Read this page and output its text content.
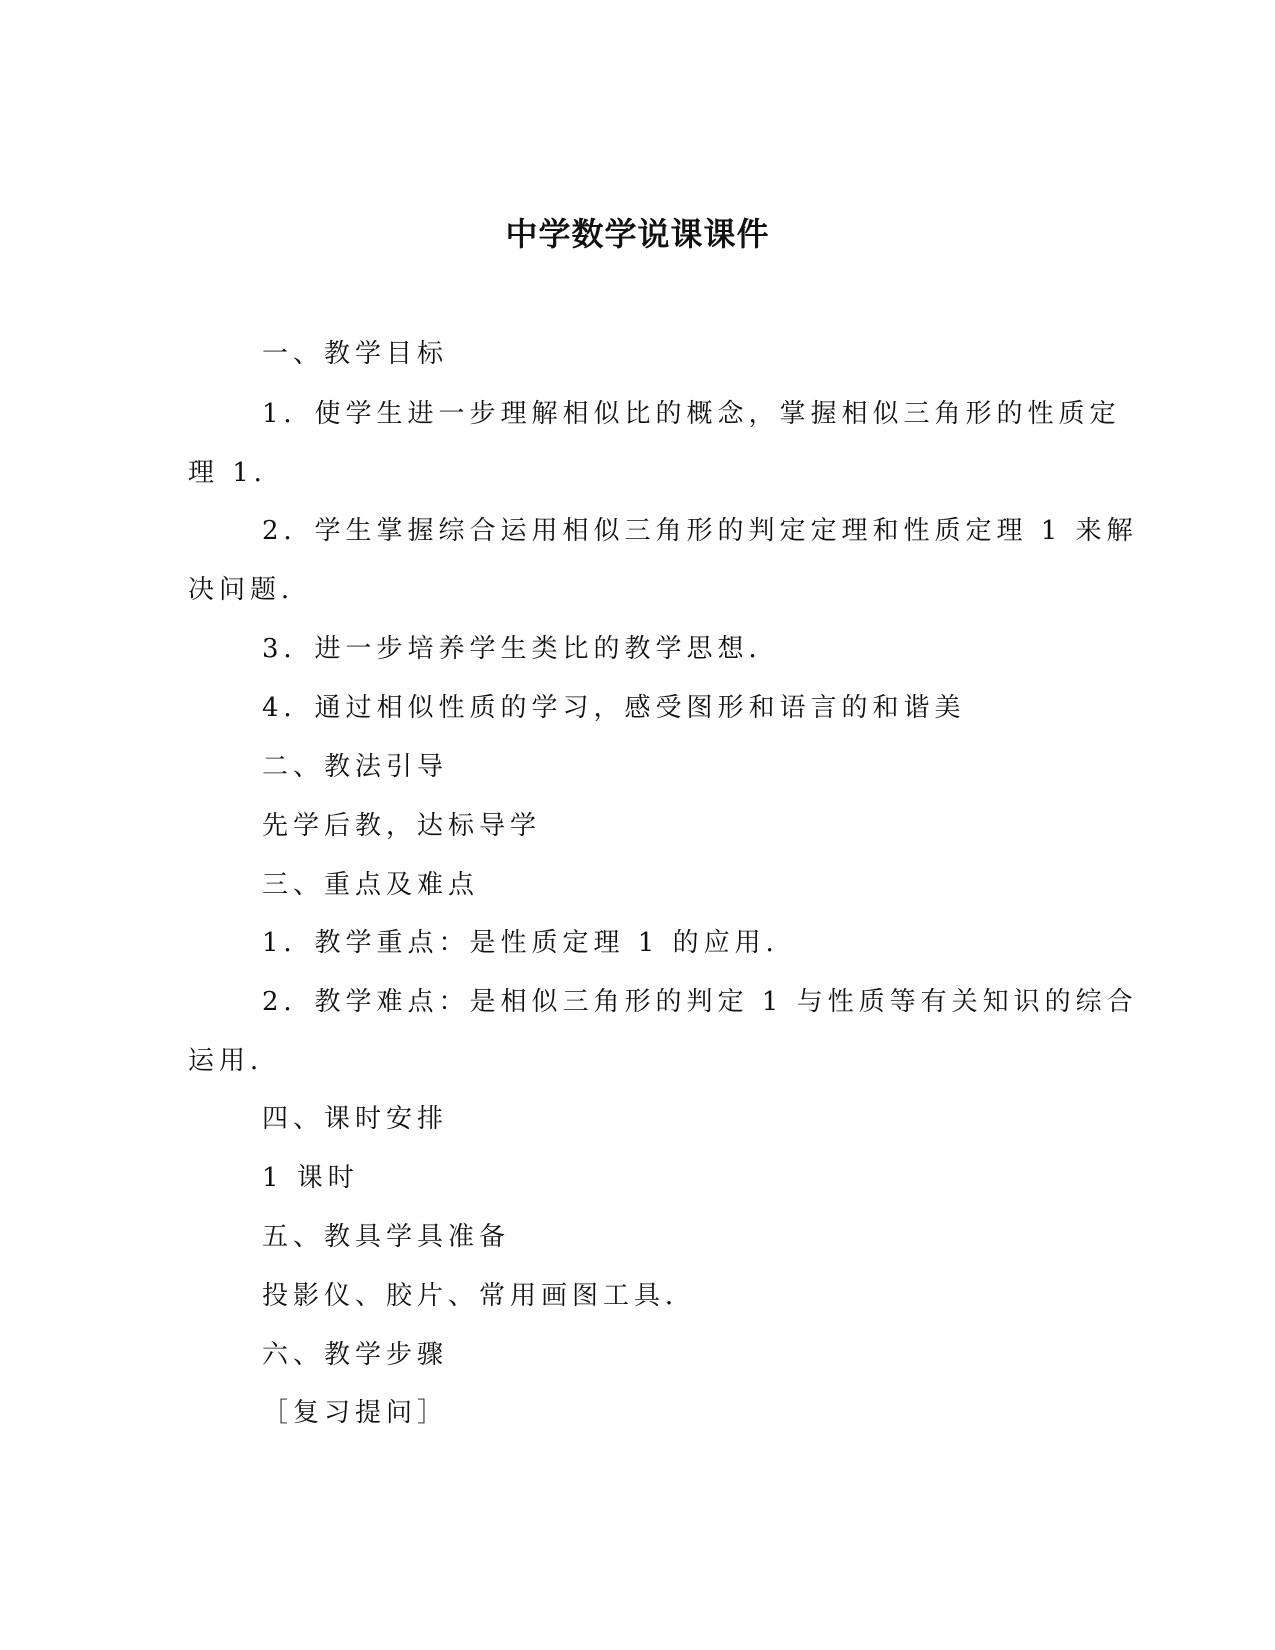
中学数学说课课件
一、教学目标
1．使学生进一步理解相似比的概念，掌握相似三角形的性质定
理 1．
2．学生掌握综合运用相似三角形的判定定理和性质定理 1 来解
决问题．
3．进一步培养学生类比的教学思想．
4．通过相似性质的学习，感受图形和语言的和谐美
二、教法引导
先学后教，达标导学
三、重点及难点
1．教学重点：是性质定理 1 的应用．
2．教学难点：是相似三角形的判定 1 与性质等有关知识的综合
运用．
四、课时安排
1 课时
五、教具学具准备
投影仪、胶片、常用画图工具．
六、教学步骤
［复习提问］
